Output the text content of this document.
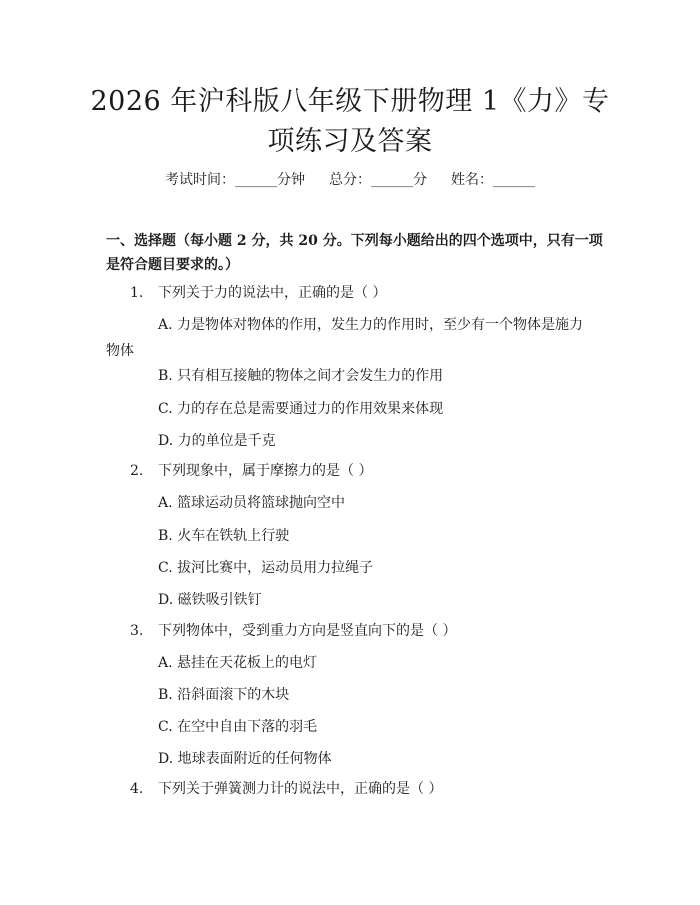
2026 年沪科版八年级下册物理 1《力》专项练习及答案
考试时间：______分钟 总分：______分 姓名：______
一、选择题（每小题 2 分，共 20 分。下列每小题给出的四个选项中，只有一项是符合题目要求的。）
1. 下列关于力的说法中，正确的是（ ）
A. 力是物体对物体的作用，发生力的作用时，至少有一个物体是施力物体
B. 只有相互接触的物体之间才会发生力的作用
C. 力的存在总是需要通过力的作用效果来体现
D. 力的单位是千克
2. 下列现象中，属于摩擦力的是（ ）
A. 篮球运动员将篮球抛向空中
B. 火车在铁轨上行驶
C. 拔河比赛中，运动员用力拉绳子
D. 磁铁吸引铁钉
3. 下列物体中，受到重力方向是竖直向下的是（ ）
A. 悬挂在天花板上的电灯
B. 沿斜面滚下的木块
C. 在空中自由下落的羽毛
D. 地球表面附近的任何物体
4. 下列关于弹簧测力计的说法中，正确的是（ ）
